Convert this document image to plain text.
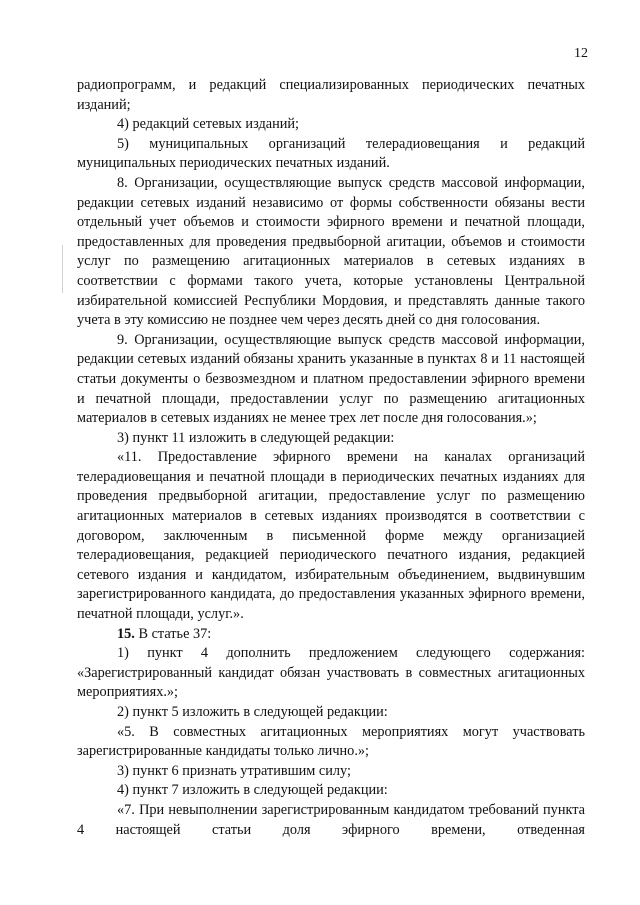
12

радиопрограмм, и редакций специализированных периодических печатных изданий;

4) редакций сетевых изданий;

5) муниципальных организаций телерадиовещания и редакций муниципальных периодических печатных изданий.

8. Организации, осуществляющие выпуск средств массовой информации, редакции сетевых изданий независимо от формы собственности обязаны вести отдельный учет объемов и стоимости эфирного времени и печатной площади, предоставленных для проведения предвыборной агитации, объемов и стоимости услуг по размещению агитационных материалов в сетевых изданиях в соответствии с формами такого учета, которые установлены Центральной избирательной комиссией Республики Мордовия, и представлять данные такого учета в эту комиссию не позднее чем через десять дней со дня голосования.

9. Организации, осуществляющие выпуск средств массовой информации, редакции сетевых изданий обязаны хранить указанные в пунктах 8 и 11 настоящей статьи документы о безвозмездном и платном предоставлении эфирного времени и печатной площади, предоставлении услуг по размещению агитационных материалов в сетевых изданиях не менее трех лет после дня голосования.»;

3) пункт 11 изложить в следующей редакции:

«11. Предоставление эфирного времени на каналах организаций телерадиовещания и печатной площади в периодических печатных изданиях для проведения предвыборной агитации, предоставление услуг по размещению агитационных материалов в сетевых изданиях производятся в соответствии с договором, заключенным в письменной форме между организацией телерадиовещания, редакцией периодического печатного издания, редакцией сетевого издания и кандидатом, избирательным объединением, выдвинувшим зарегистрированного кандидата, до предоставления указанных эфирного времени, печатной площади, услуг.».

15. В статье 37:

1) пункт 4 дополнить предложением следующего содержания: «Зарегистрированный кандидат обязан участвовать в совместных агитационных мероприятиях.»;

2) пункт 5 изложить в следующей редакции:

«5. В совместных агитационных мероприятиях могут участвовать зарегистрированные кандидаты только лично.»;

3) пункт 6 признать утратившим силу;

4) пункт 7 изложить в следующей редакции:

«7. При невыполнении зарегистрированным кандидатом требований пункта 4 настоящей статьи доля эфирного времени, отведенная
